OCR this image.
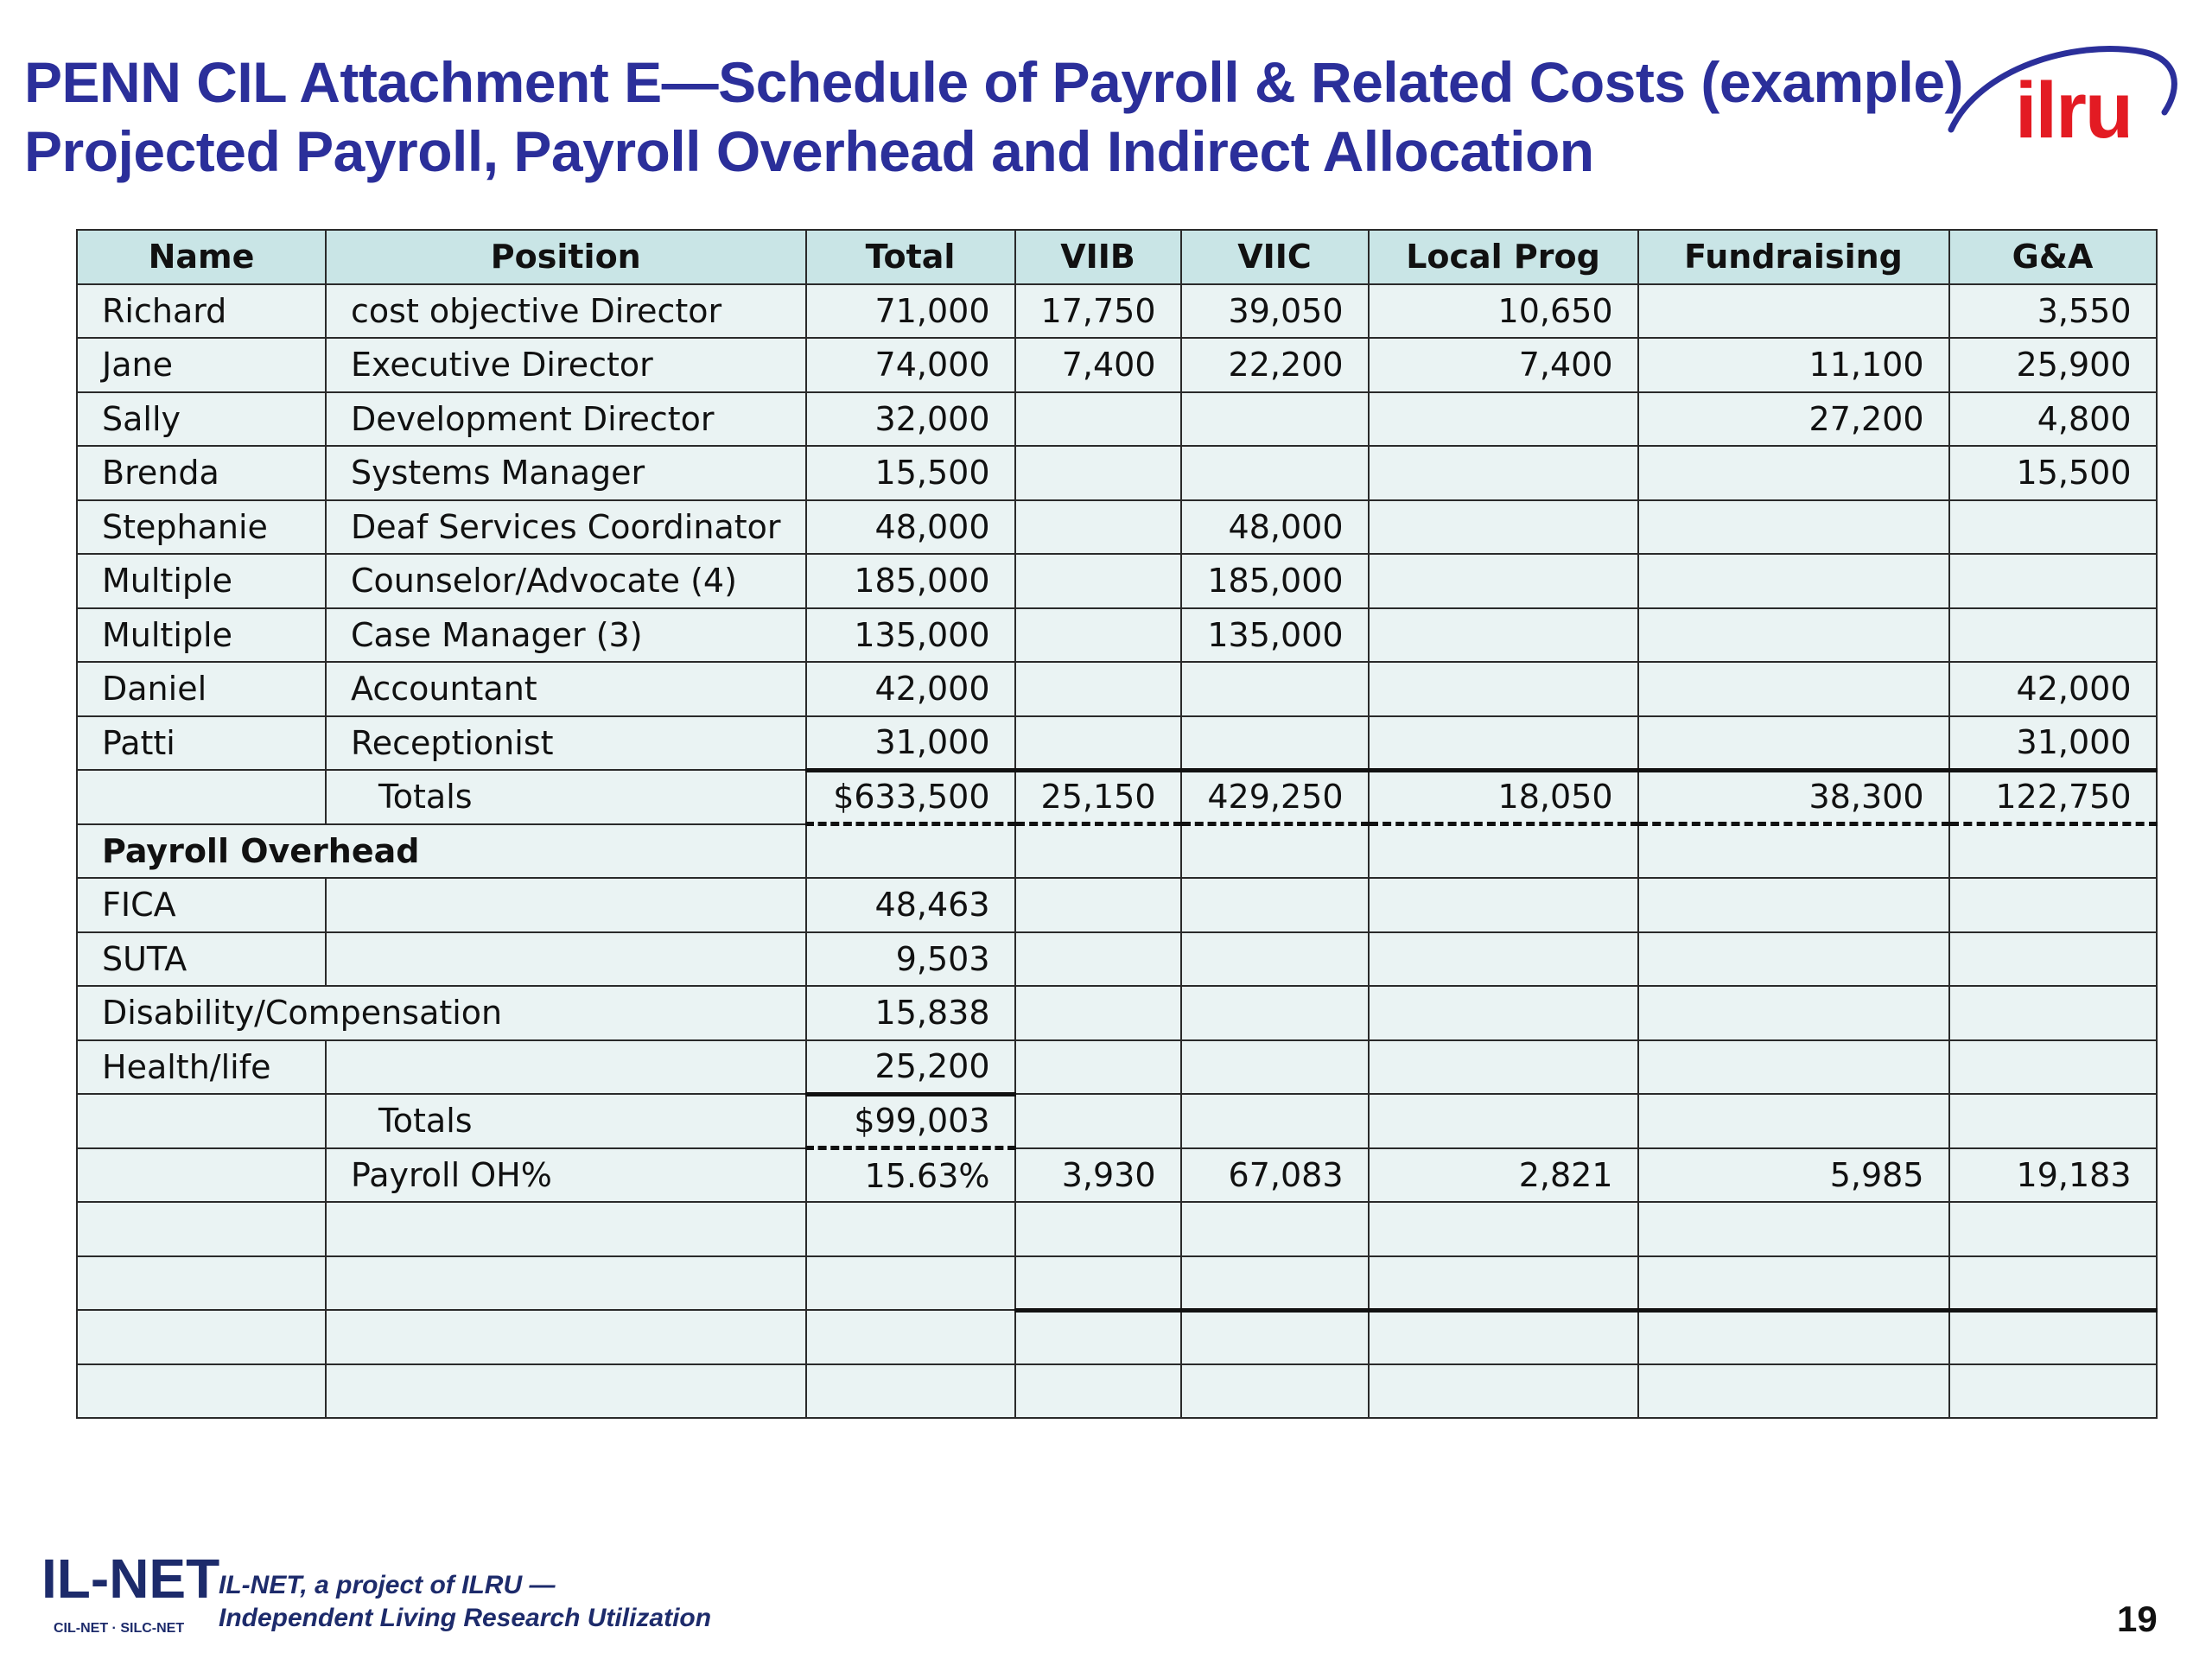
PENN CIL Attachment E—Schedule of Payroll & Related Costs (example)
Projected Payroll, Payroll Overhead and Indirect Allocation	ilru
Name	Position	Total	VIIB	VIIC	Local Prog	Fundraising	G&A
Richard	cost objective Director	71,000	17,750	39,050	10,650		3,550
Jane	Executive Director	74,000	7,400	22,200	7,400	11,100	25,900
Sally	Development Director	32,000				27,200	4,800
Brenda	Systems Manager	15,500					15,500
Stephanie	Deaf Services Coordinator	48,000		48,000			
Multiple	Counselor/Advocate (4)	185,000		185,000			
Multiple	Case Manager (3)	135,000		135,000			
Daniel	Accountant	42,000					42,000
Patti	Receptionist	31,000					31,000
	Totals	$633,500	25,150	429,250	18,050	38,300	122,750
Payroll Overhead							
FICA		48,463					
SUTA		9,503					
Disability/Compensation		15,838					
Health/life		25,200					
	Totals	$99,003					
	Payroll OH%	15.63%	3,930	67,083	2,821	5,985	19,183

IL-NET
CIL-NET · SILC-NET
IL-NET, a project of ILRU —
Independent Living Research Utilization	19
